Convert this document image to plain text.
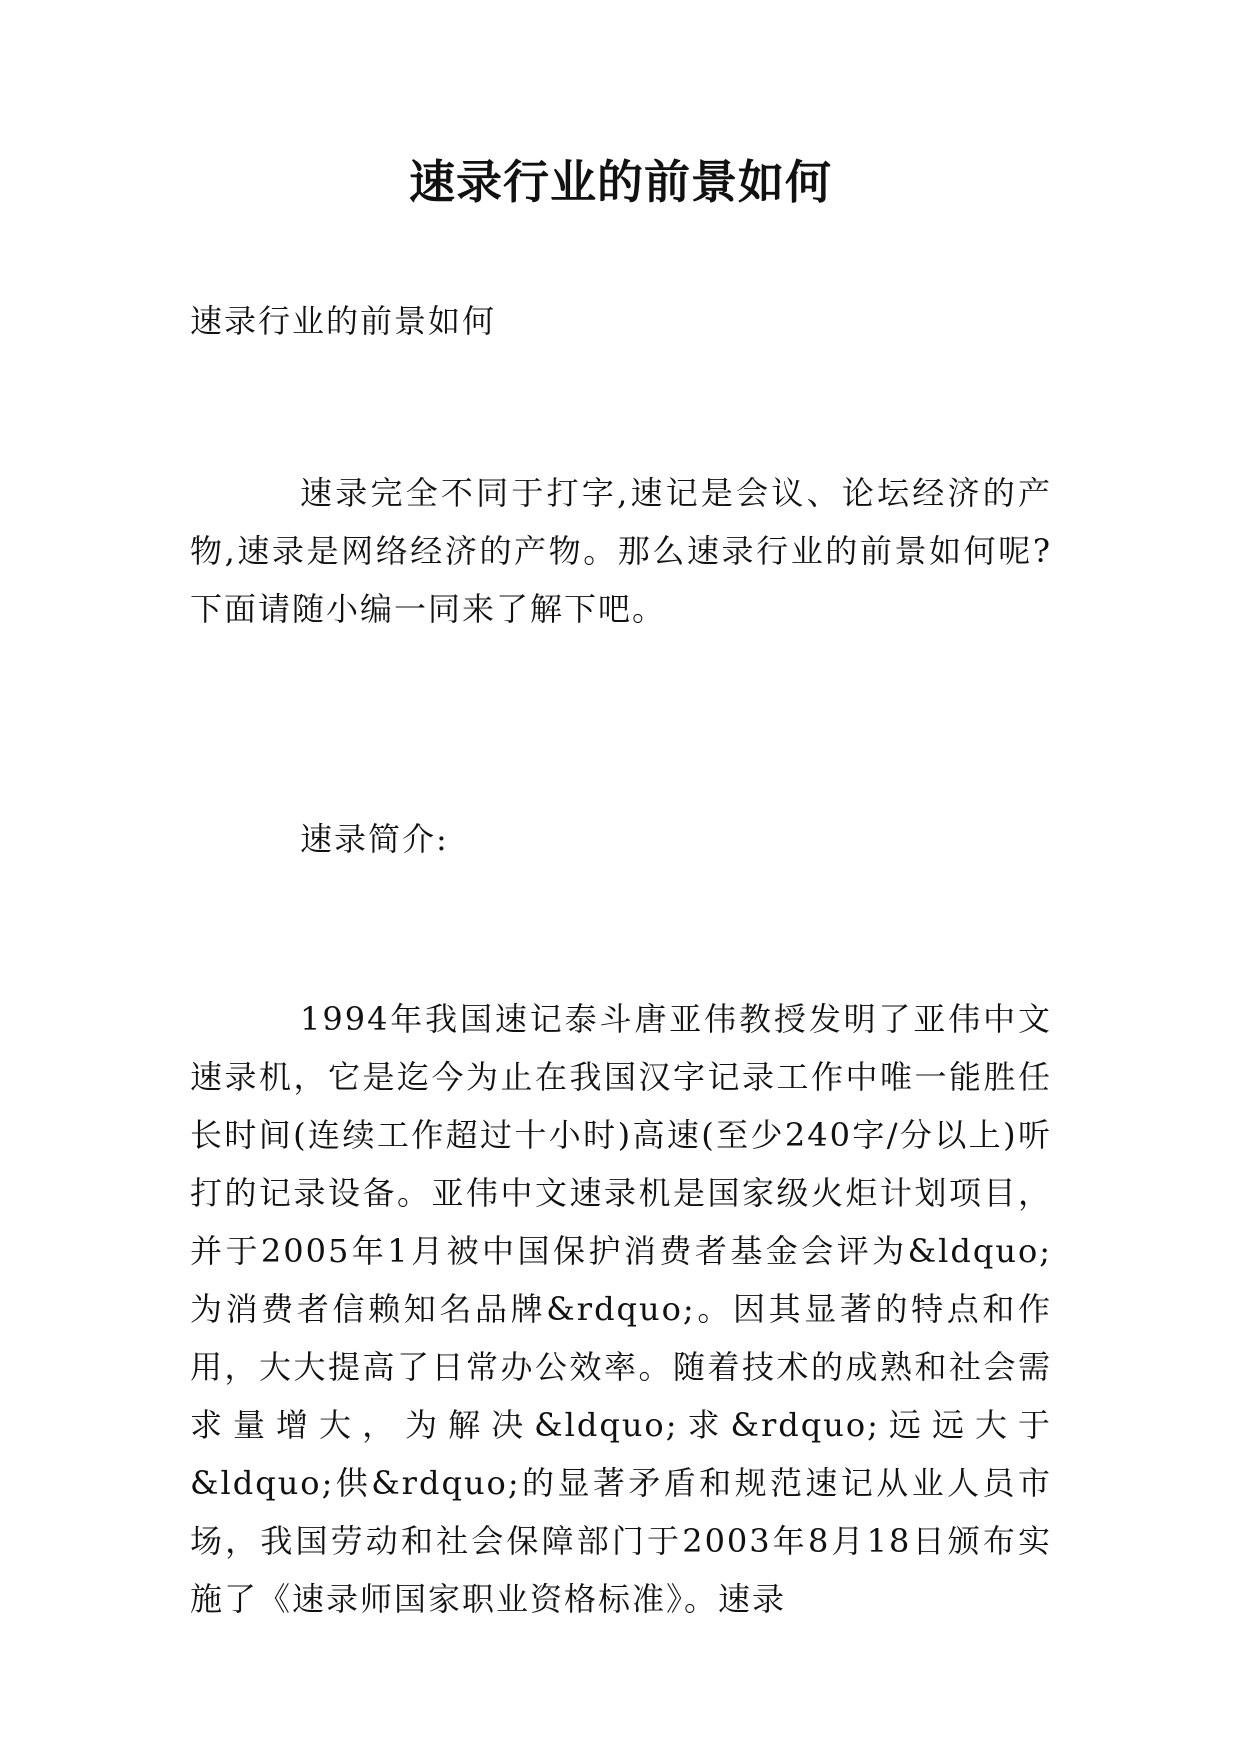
速录行业的前景如何

速录行业的前景如何

速录完全不同于打字,速记是会议、论坛经济的产物,速录是网络经济的产物。那么速录行业的前景如何呢?下面请随小编一同来了解下吧。

速录简介:

1994年我国速记泰斗唐亚伟教授发明了亚伟中文速录机，它是迄今为止在我国汉字记录工作中唯一能胜任长时间(连续工作超过十小时)高速(至少240字/分以上)听打的记录设备。亚伟中文速录机是国家级火炬计划项目，并于2005年1月被中国保护消费者基金会评为&ldquo;为消费者信赖知名品牌&rdquo;。因其显著的特点和作用，大大提高了日常办公效率。随着技术的成熟和社会需求量增大，为解决&ldquo;求&rdquo;远远大于&ldquo;供&rdquo;的显著矛盾和规范速记从业人员市场，我国劳动和社会保障部门于2003年8月18日颁布实施了《速录师国家职业资格标准》。速录
